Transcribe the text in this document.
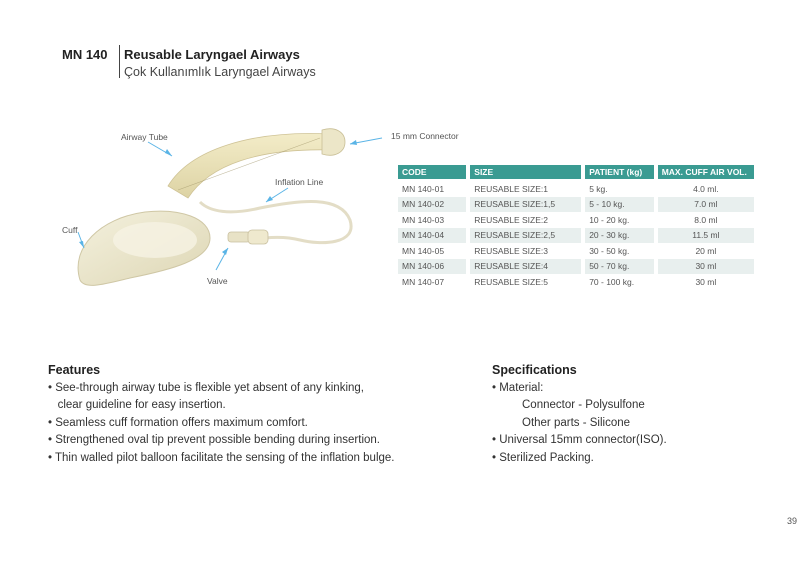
MN 140 Reusable Laryngael Airways
Çok Kullanımlık Laryngael Airways
Airway Tube	15 mm Connector
Inflation Line
Cuff
Valve
CODE	SIZE	PATIENT (kg)	MAX. CUFF AIR VOL.
MN 140-01	REUSABLE SIZE:1	5 kg.	4.0 ml.
MN 140-02	REUSABLE SIZE:1,5	5 - 10 kg.	7.0 ml
MN 140-03	REUSABLE SIZE:2	10 - 20 kg.	8.0 ml
MN 140-04	REUSABLE SIZE:2,5	20 - 30 kg.	11.5 ml
MN 140-05	REUSABLE SIZE:3	30 - 50 kg.	20 ml
MN 140-06	REUSABLE SIZE:4	50 - 70 kg.	30 ml
MN 140-07	REUSABLE SIZE:5	70 - 100 kg.	30 ml
Features
• See-through airway tube is flexible yet absent of any kinking,
clear guideline for easy insertion.
• Seamless cuff formation offers maximum comfort.
• Strengthened oval tip prevent possible bending during insertion.
• Thin walled pilot balloon facilitate the sensing of the inflation bulge.
Specifications
• Material:
Connector - Polysulfone
Other parts - Silicone
• Universal 15mm connector(ISO).
• Sterilized Packing.
39
